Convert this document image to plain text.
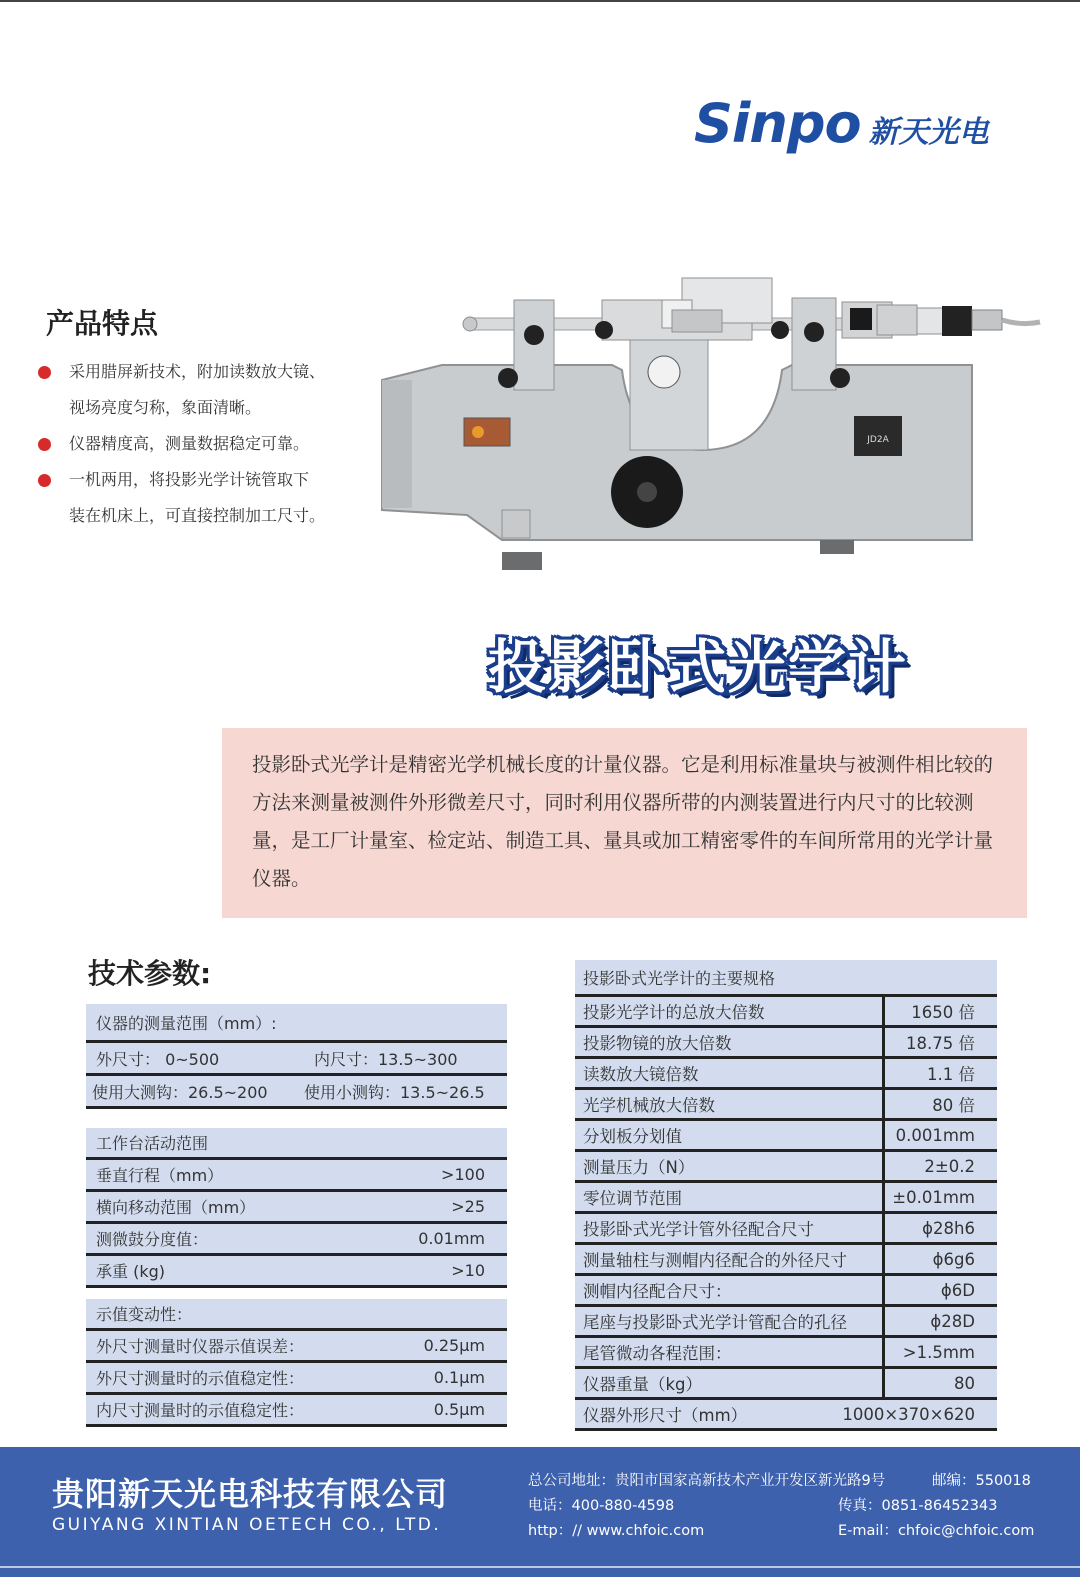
Sinpo 新天光电
产品特点
采用腊屏新技术，附加读数放大镜、
视场亮度匀称，象面清晰。
仪器精度高，测量数据稳定可靠。
一机两用，将投影光学计铳管取下
装在机床上，可直接控制加工尺寸。
JD2A
投影卧式光学计
投影卧式光学计是精密光学机械长度的计量仪器。它是利用标准量块与被测件相比较的方法来测量被测件外形微差尺寸，同时利用仪器所带的内测装置进行内尺寸的比较测量，是工厂计量室、检定站、制造工具、量具或加工精密零件的车间所常用的光学计量仪器。
技术参数:
仪器的测量范围（mm）:
外尺寸： 0~500	内尺寸：13.5~300
使用大测钩：26.5~200 使用小测钩：13.5~26.5
工作台活动范围
垂直行程（mm）	>100
横向移动范围（mm）	>25
测微鼓分度值：	0.01mm
承重 (kg)	>10
示值变动性：
外尺寸测量时仪器示值误差：	0.25μm
外尺寸测量时的示值稳定性：	0.1μm
内尺寸测量时的示值稳定性：	0.5μm
投影卧式光学计的主要规格
投影光学计的总放大倍数	1650 倍
投影物镜的放大倍数	18.75 倍
读数放大镜倍数	1.1 倍
光学机械放大倍数	80 倍
分划板分划值	0.001mm
测量压力（N）	2±0.2
零位调节范围	±0.01mm
投影卧式光学计管外径配合尺寸	ϕ28h6
测量轴柱与测帽内径配合的外径尺寸	ϕ6g6
测帽内径配合尺寸：	ϕ6D
尾座与投影卧式光学计管配合的孔径	ϕ28D
尾管微动各程范围：	>1.5mm
仪器重量（kg）	80
仪器外形尺寸（mm）	1000×370×620
贵阳新天光电科技有限公司
GUIYANG XINTIAN OETECH CO., LTD.
总公司地址：贵阳市国家高新技术产业开发区新光路9号	邮编：550018
电话：400-880-4598	传真：0851-86452343
http：// www.chfoic.com	E-mail：chfoic@chfoic.com
